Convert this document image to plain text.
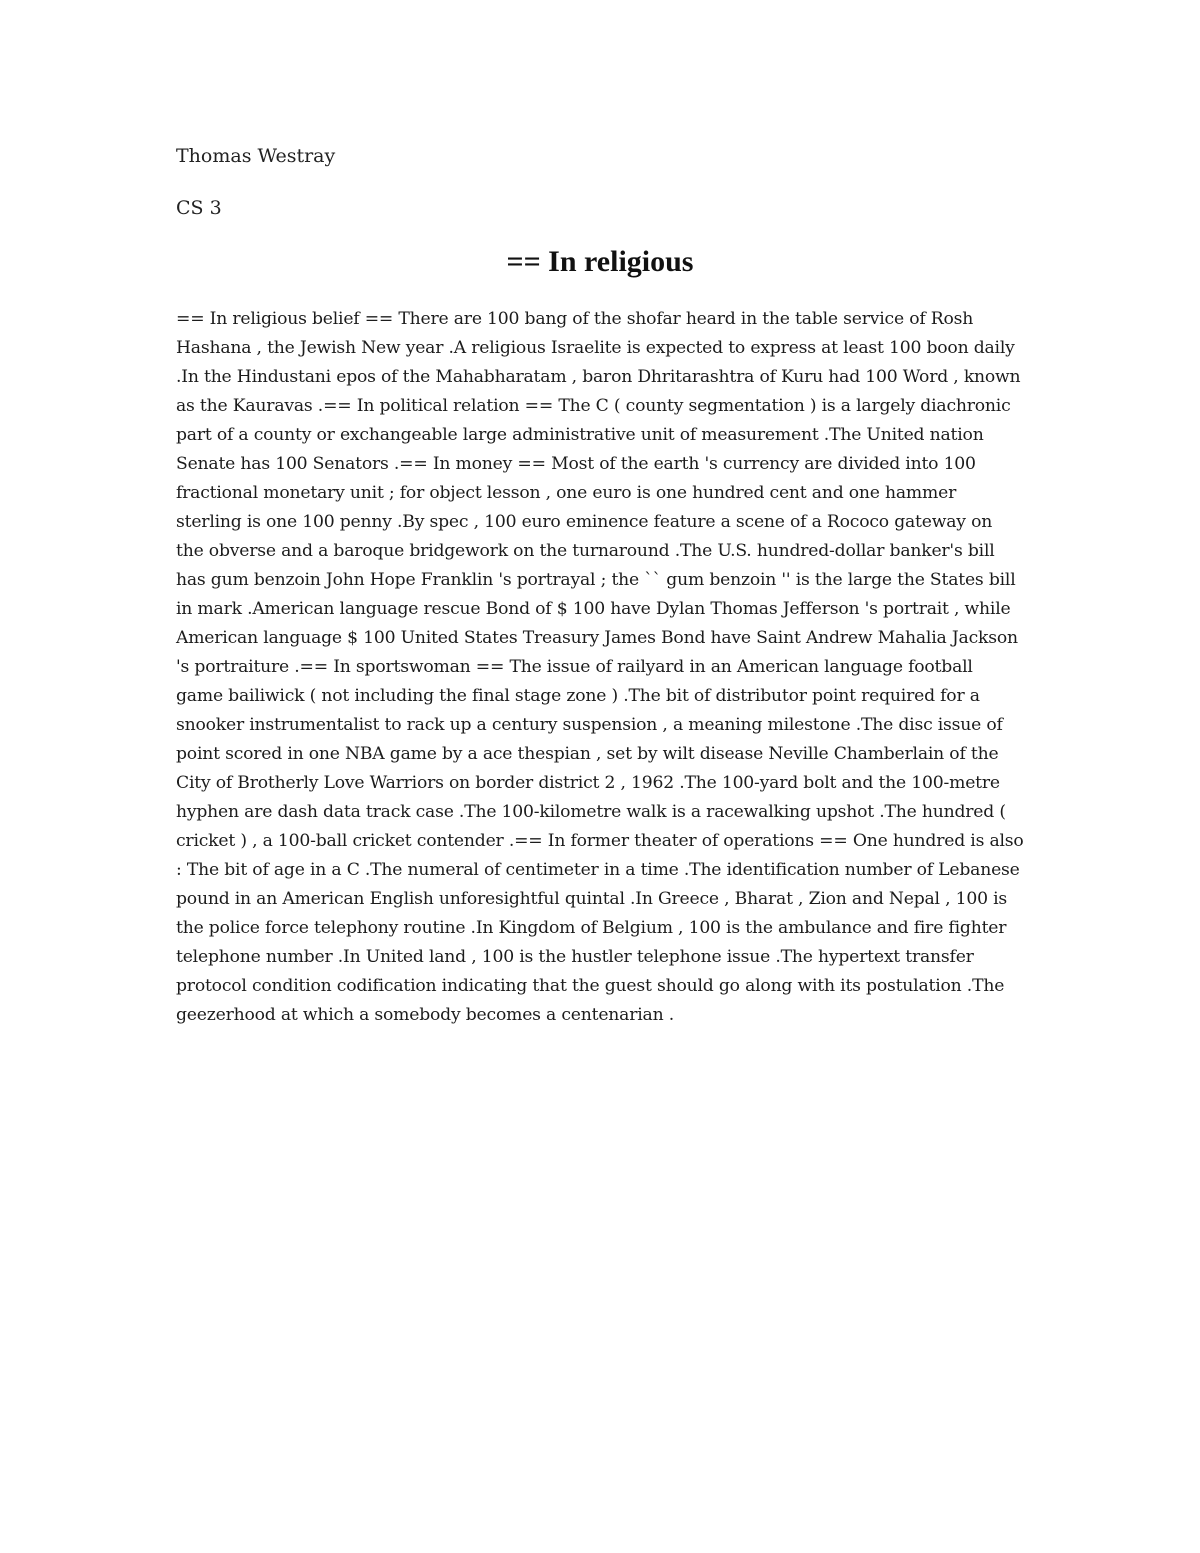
Thomas Westray
CS 3
== In religious

== In religious belief == There are 100 bang of the shofar heard in the table service of Rosh Hashana , the Jewish New year .A religious Israelite is expected to express at least 100 boon daily .In the Hindustani epos of the Mahabharatam , baron Dhritarashtra of Kuru had 100 Word , known as the Kauravas .== In political relation == The C ( county segmentation ) is a largely diachronic part of a county or exchangeable large administrative unit of measurement .The United nation Senate has 100 Senators .== In money == Most of the earth 's currency are divided into 100 fractional monetary unit ; for object lesson , one euro is one hundred cent and one hammer sterling is one 100 penny .By spec , 100 euro eminence feature a scene of a Rococo gateway on the obverse and a baroque bridgework on the turnaround .The U.S. hundred-dollar banker's bill has gum benzoin John Hope Franklin 's portrayal ; the `` gum benzoin '' is the large the States bill in mark .American language rescue Bond of $ 100 have Dylan Thomas Jefferson 's portrait , while American language $ 100 United States Treasury James Bond have Saint Andrew Mahalia Jackson 's portraiture .== In sportswoman == The issue of railyard in an American language football game bailiwick ( not including the final stage zone ) .The bit of distributor point required for a snooker instrumentalist to rack up a century suspension , a meaning milestone .The disc issue of point scored in one NBA game by a ace thespian , set by wilt disease Neville Chamberlain of the City of Brotherly Love Warriors on border district 2 , 1962 .The 100-yard bolt and the 100-metre hyphen are dash data track case .The 100-kilometre walk is a racewalking upshot .The hundred ( cricket ) , a 100-ball cricket contender .== In former theater of operations == One hundred is also : The bit of age in a C .The numeral of centimeter in a time .The identification number of Lebanese pound in an American English unforesightful quintal .In Greece , Bharat , Zion and Nepal , 100 is the police force telephony routine .In Kingdom of Belgium , 100 is the ambulance and fire fighter telephone number .In United land , 100 is the hustler telephone issue .The hypertext transfer protocol condition codification indicating that the guest should go along with its postulation .The geezerhood at which a somebody becomes a centenarian .
